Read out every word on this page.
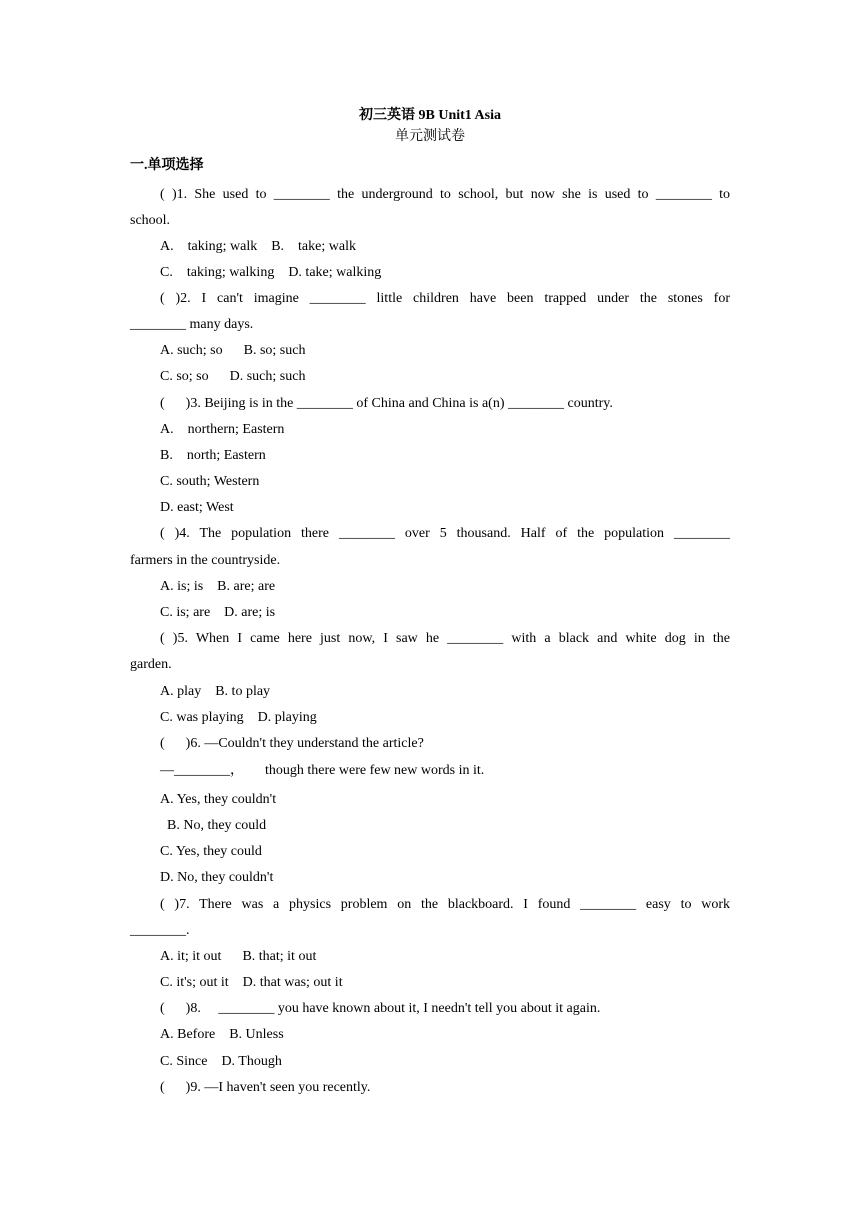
初三英语 9B Unit1 Asia
单元测试卷
一.单项选择
( )1. She used to ________ the underground to school, but now she is used to ________ to
school.
A.    taking; walk    B.    take; walk
C.    taking; walking    D. take; walking
( )2. I can't imagine ________ little children have been trapped under the stones for
________ many days.
A. such; so      B. so; such
C. so; so      D. such; such
(      )3. Beijing is in the ________ of China and China is a(n) ________ country.
A.    northern; Eastern
B.    north; Eastern
C. south; Western
D. east; West
( )4. The population there ________ over 5 thousand. Half of the population ________
farmers in the countryside.
A. is; is    B. are; are
C. is; are    D. are; is
( )5. When I came here just now, I saw he ________ with a black and white dog in the
garden.
A. play    B. to play
C. was playing    D. playing
(      )6. —Couldn't they understand the article?
—________，      though there were few new words in it.
A. Yes, they couldn't
B. No, they could
C. Yes, they could
D. No, they couldn't
( )7. There was a physics problem on the blackboard. I found ________ easy to work
________.
A. it; it out      B. that; it out
C. it's; out it    D. that was; out it
(      )8.     ________ you have known about it, I needn't tell you about it again.
A. Before    B. Unless
C. Since    D. Though
(      )9. —I haven't seen you recently.
